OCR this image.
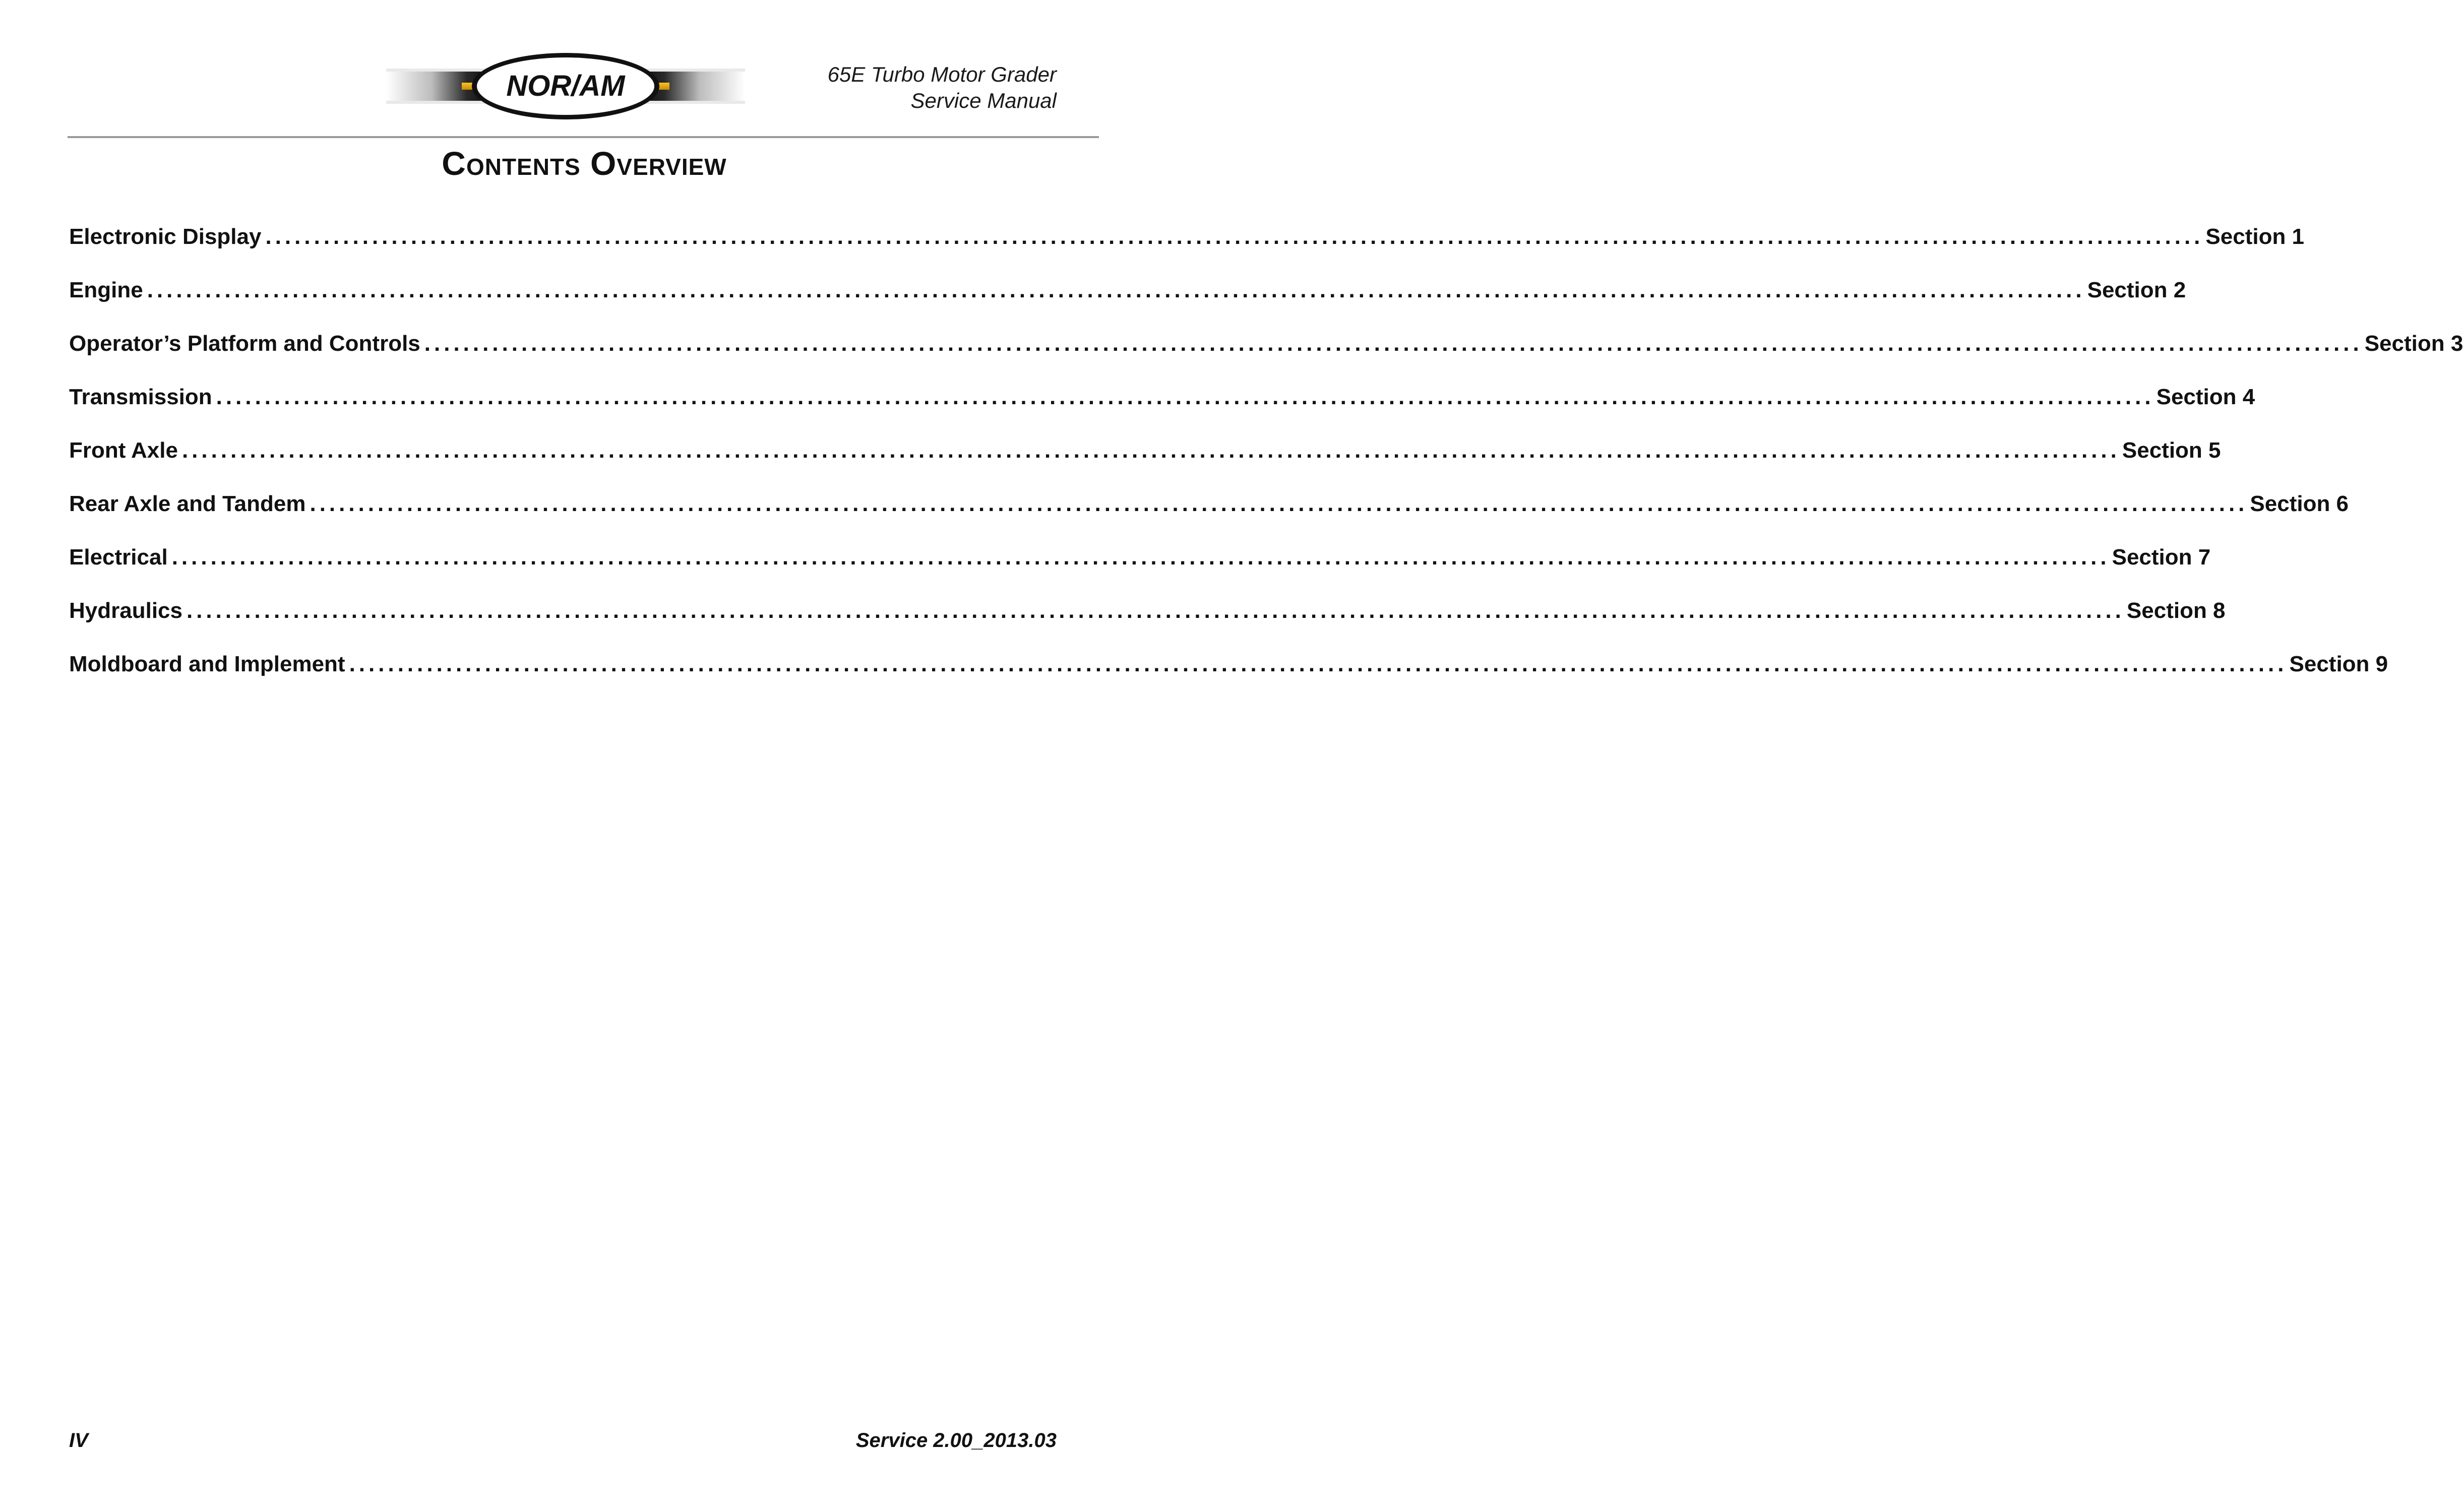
NOR/AM	65E Turbo Motor Grader
Service Manual
Contents Overview
Electronic Display ........................................................................................................................................................................................................ Section 1
Engine ........................................................................................................................................................................................................ Section 2
Operator’s Platform and Controls ........................................................................................................................................................................................................ Section 3
Transmission ........................................................................................................................................................................................................ Section 4
Front Axle ........................................................................................................................................................................................................ Section 5
Rear Axle and Tandem ........................................................................................................................................................................................................ Section 6
Electrical ........................................................................................................................................................................................................ Section 7
Hydraulics ........................................................................................................................................................................................................ Section 8
Moldboard and Implement ........................................................................................................................................................................................................ Section 9
IV	Service 2.00_2013.03
